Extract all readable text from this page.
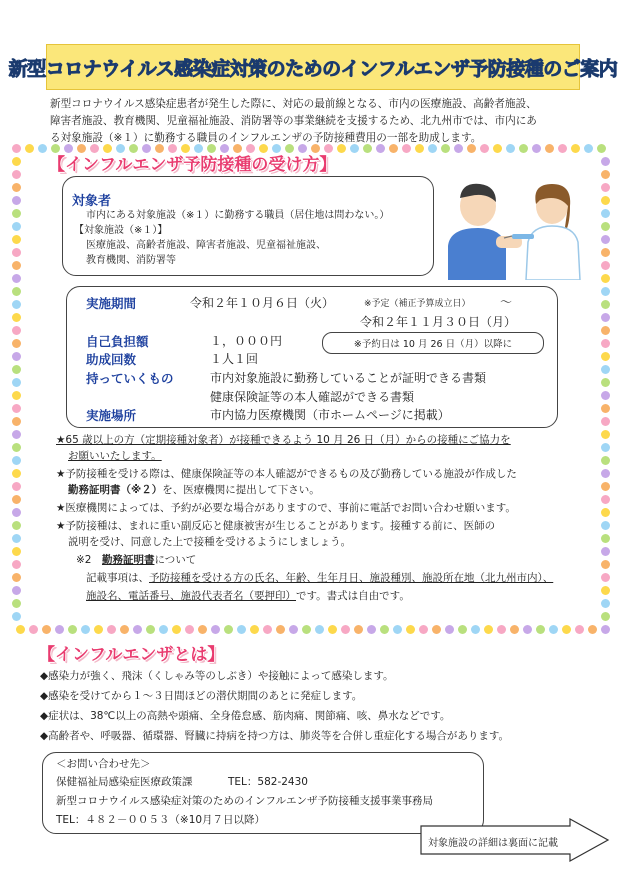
新型コロナウイルス感染症対策のためのインフルエンザ予防接種のご案内
新型コロナウイルス感染症患者が発生した際に、対応の最前線となる、市内の医療施設、高齢者施設、
障害者施設、教育機関、児童福祉施設、消防署等の事業継続を支援するため、北九州市では、市内にあ
る対象施設（※１）に勤務する職員のインフルエンザの予防接種費用の一部を助成します。
【インフルエンザ予防接種の受け方】
対象者
市内にある対象施設（※１）に勤務する職員（居住地は問わない。）
【対象施設（※１）】
医療施設、高齢者施設、障害者施設、児童福祉施設、
教育機関、消防署等
実施期間	令和２年１０月６日（火）	※予定（補正予算成立日） ～
令和２年１１月３０日（月）
自己負担額	１，０００円	※予約日は 10 月 26 日（月）以降に
助成回数	１人１回
持っていくもの	市内対象施設に勤務していることが証明できる書類
健康保険証等の本人確認ができる書類
実施場所	市内協力医療機関（市ホームページに掲載）
★65 歳以上の方（定期接種対象者）が接種できるよう 10 月 26 日（月）からの接種にご協力を
お願いいたします。
★予防接種を受ける際は、健康保険証等の本人確認ができるもの及び勤務している施設が作成した
勤務証明書（※２）を、医療機関に提出して下さい。
★医療機関によっては、予約が必要な場合がありますので、事前に電話でお問い合わせ願います。
★予防接種は、まれに重い副反応と健康被害が生じることがあります。接種する前に、医師の
説明を受け、同意した上で接種を受けるようにしましょう。
※2　 勤務証明書について
記載事項は、予防接種を受ける方の氏名、年齢、生年月日、施設種別、施設所在地（北九州市内）、
施設名、電話番号、施設代表者名（要押印）です。書式は自由です。
【インフルエンザとは】
◆感染力が強く、飛沫（くしゃみ等のしぶき）や接触によって感染します。
◆感染を受けてから１～３日間ほどの潜伏期間のあとに発症します。
◆症状は、38℃以上の高熱や頭痛、全身倦怠感、筋肉痛、関節痛、咳、鼻水などです。
◆高齢者や、呼吸器、循環器、腎臓に持病を持つ方は、肺炎等を合併し重症化する場合があります。
＜お問い合わせ先＞
保健福祉局感染症医療政策課	TEL：582-2430
新型コロナウイルス感染症対策のためのインフルエンザ予防接種支援事業事務局
TEL：４８２－００５３（※10月７日以降）
対象施設の詳細は裏面に記載
